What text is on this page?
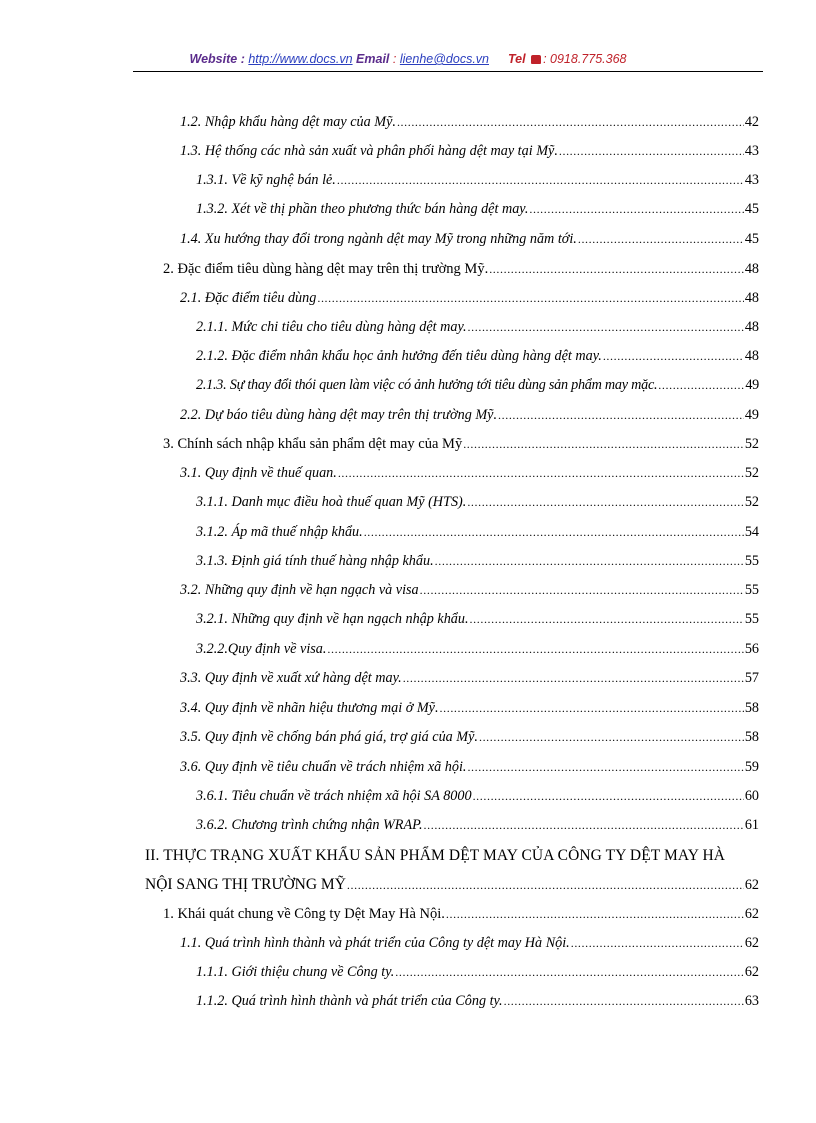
Website : http://www.docs.vn Email : lienhe@docs.vn Tel : 0918.775.368
1.2. Nhập khẩu hàng dệt may của Mỹ. .....	42
1.3. Hệ thống các nhà sản xuất và phân phối hàng dệt may tại Mỹ. .....	43
1.3.1. Về kỹ nghệ bán lẻ. .....	43
1.3.2. Xét về thị phần theo phương thức bán hàng dệt may. .....	45
1.4. Xu hướng thay đổi trong ngành dệt may Mỹ trong những năm tới. .....	45
2. Đặc điểm tiêu dùng hàng dệt may trên thị trường Mỹ. .....	48
2.1. Đặc điểm tiêu dùng .....	48
2.1.1. Mức chi tiêu cho tiêu dùng hàng dệt may. .....	48
2.1.2. Đặc điểm nhân khẩu học ảnh hưởng đến tiêu dùng hàng dệt may. .....	48
2.1.3. Sự thay đổi thói quen làm việc có ảnh hưởng tới tiêu dùng sản phẩm may mặc. .....	49
2.2. Dự báo tiêu dùng hàng dệt may trên thị trường Mỹ. .....	49
3. Chính sách nhập khẩu sản phẩm dệt may của Mỹ .....	52
3.1. Quy định về thuế quan. .....	52
3.1.1. Danh mục điều hoà thuế quan Mỹ (HTS). .....	52
3.1.2. Áp mã thuế nhập khẩu. .....	54
3.1.3. Định giá tính thuế hàng nhập khẩu. .....	55
3.2. Những quy định về hạn ngạch và visa .....	55
3.2.1. Những quy định về hạn ngạch nhập khẩu. .....	55
3.2.2.Quy định về visa. .....	56
3.3. Quy định về xuất xứ hàng dệt may. .....	57
3.4. Quy định về nhãn hiệu thương mại ở Mỹ. .....	58
3.5. Quy định về chống bán phá giá, trợ giá của Mỹ. .....	58
3.6. Quy định về tiêu chuẩn về trách nhiệm xã hội. .....	59
3.6.1. Tiêu chuẩn về trách nhiệm xã hội SA 8000 .....	60
3.6.2. Chương trình chứng nhận WRAP. .....	61
II. THỰC TRẠNG XUẤT KHẨU SẢN PHẨM DỆT MAY CỦA CÔNG TY DỆT MAY HÀ
NỘI SANG THỊ TRƯỜNG MỸ .....	62
1. Khái quát chung về Công ty Dệt May Hà Nội. .....	62
1.1. Quá trình hình thành và phát triển của Công ty dệt may Hà Nội. .....	62
1.1.1. Giới thiệu chung về Công ty. .....	62
1.1.2. Quá trình hình thành và phát triển của Công ty. .....	63
